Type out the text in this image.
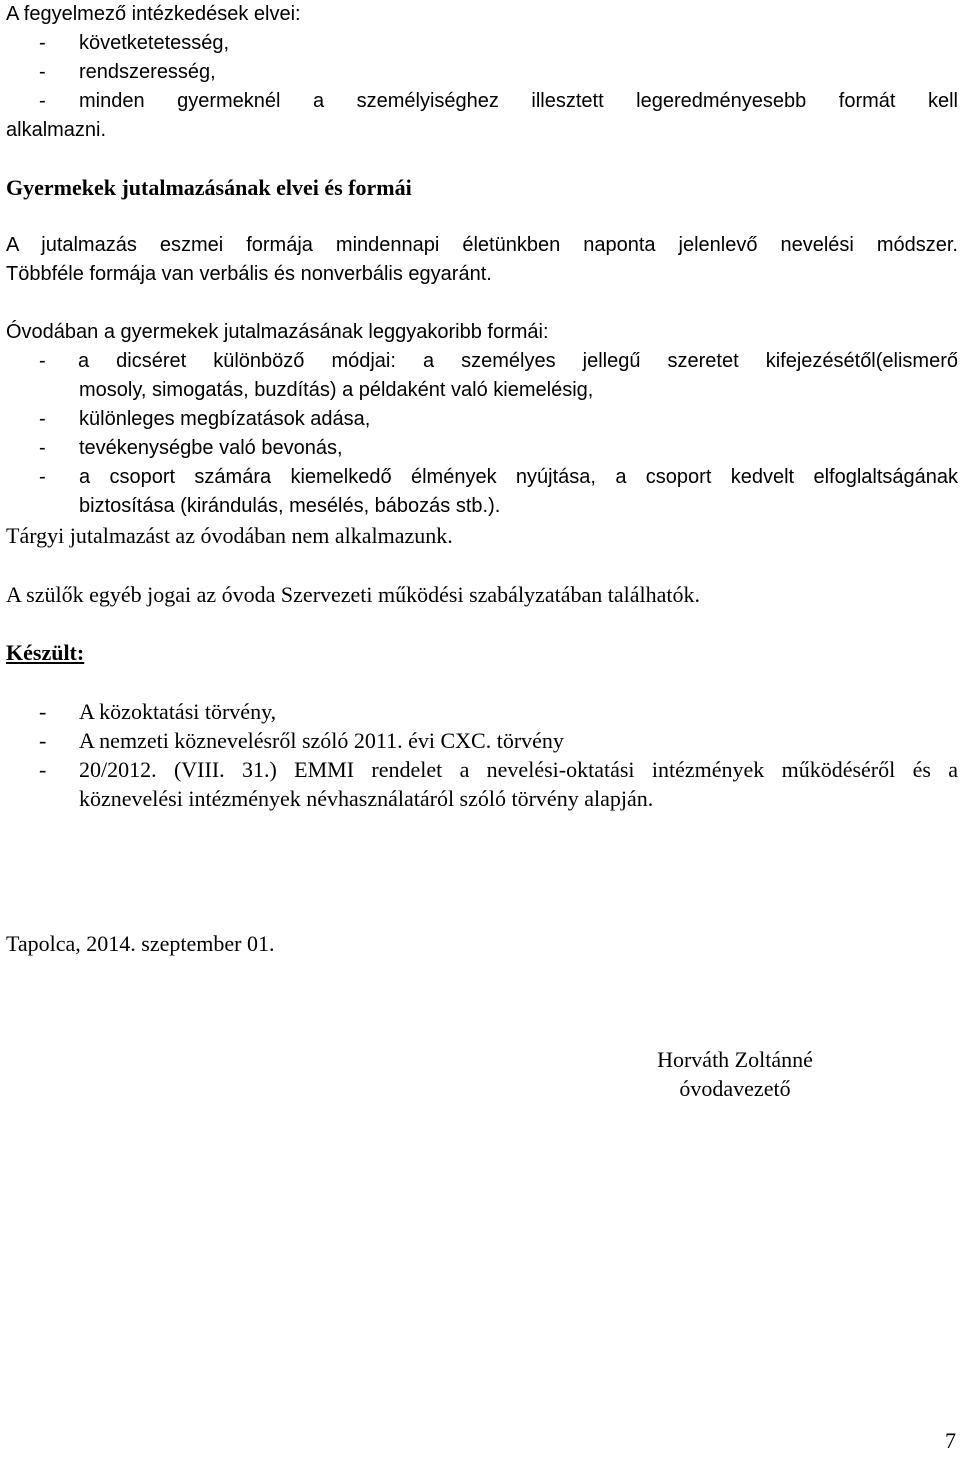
A fegyelmező intézkedések elvei:
- követketetesség,
- rendszeresség,
- minden gyermeknél a személyiséghez illesztett legeredményesebb formát kell
alkalmazni.
Gyermekek jutalmazásának elvei és formái
A jutalmazás eszmei formája mindennapi életünkben naponta jelenlevő nevelési módszer.
Többféle formája van verbális és nonverbális egyaránt.
Óvodában a gyermekek jutalmazásának leggyakoribb formái:
- a dicséret különböző módjai: a személyes jellegű szeretet kifejezésétől(elismerő
mosoly, simogatás, buzdítás) a példaként való kiemelésig,
- különleges megbízatások adása,
- tevékenységbe való bevonás,
- a csoport számára kiemelkedő élmények nyújtása, a csoport kedvelt elfoglaltságának
biztosítása (kirándulás, mesélés, bábozás stb.).
Tárgyi jutalmazást az óvodában nem alkalmazunk.
A szülők egyéb jogai az óvoda Szervezeti működési szabályzatában találhatók.
Készült:
- A közoktatási törvény,
- A nemzeti köznevelésről szóló 2011. évi CXC. törvény
- 20/2012. (VIII. 31.) EMMI rendelet a nevelési-oktatási intézmények működéséről és a
köznevelési intézmények névhasználatáról szóló törvény alapján.
Tapolca, 2014. szeptember 01.
Horváth Zoltánné
óvodavezető
7
